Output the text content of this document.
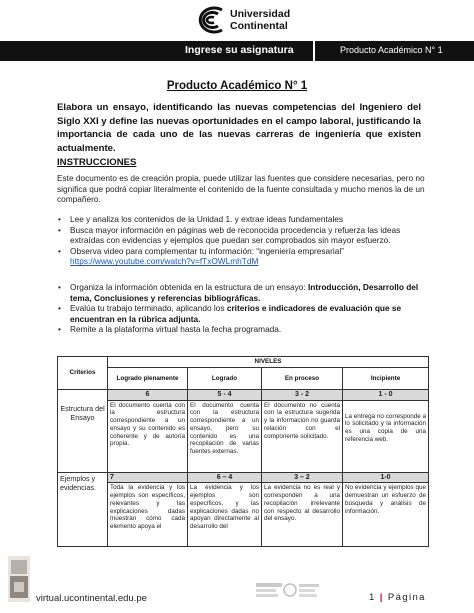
Universidad
Continental
Ingrese su asignatura	Producto Académico N° 1
Producto Académico N° 1
Elabora un ensayo, identificando las nuevas competencias del Ingeniero del Siglo XXI y define las nuevas oportunidades en el campo laboral, justificando la importancia de cada uno de las nuevas carreras de ingeniería que existen actualmente.
INSTRUCCIONES
Este documento es de creación propia, puede utilizar las fuentes que considere necesarias, pero no significa que podrá copiar literalmente el contenido de la fuente consultada y mucho menos la de un compañero.
• Lee y analiza los contenidos de la Unidad 1. y extrae ideas fundamentales
• Busca mayor información en páginas web de reconocida procedencia y refuerza las ideas extraídas con evidencias y ejemplos que puedan ser comprobados sin mayor esfuerzo.
• Observa video para complementar tu información: “ingeniería empresarial”
https://www.youtube.com/watch?v=fTxOWLmhTdM
• Organiza la información obtenida en la estructura de un ensayo: Introducción, Desarrollo del tema, Conclusiones y referencias bibliográficas.
• Evalúa tu trabajo terminado, aplicando los criterios e indicadores de evaluación que se encuentran en la rúbrica adjunta.
• Remite a la plataforma virtual hasta la fecha programada.
Criterios	NIVELES			
	Logrado plenamente	Logrado	En proceso	Incipiente
Estructura del Ensayo	6	5 - 4	3 - 2	1 - 0
	El documento cuenta con la estructura correspondiente a un ensayo y su contenido es coherente y de autoría propia.	El documento cuenta con la estructura correspondiente a un ensayo, pero su contenido es una recopilación de varias fuentes externas.	El documento no cuenta con la estructura sugerida y la información no guarda relación con el componente solicitado.	La entrega no corresponde a lo solicitado y la información es una copia de una referencia web.
Ejemplos y evidencias.	7	6 – 4	3 – 2	1-0
	Toda la evidencia y los ejemplos son específicos, relevantes y las explicaciones dadas muestran cómo cada elemento apoya el	La evidencia y los ejemplos son específicos, y las explicaciones dadas no apoyan directamente al desarrollo del	La evidencia no es real y corresponden a una recopilación irrelevante con respecto al desarrollo del ensayo.	No evidencia y ejemplos que demuestran un esfuerzo de búsqueda y análisis de información.
virtual.ucontinental.edu.pe	1 | Página
